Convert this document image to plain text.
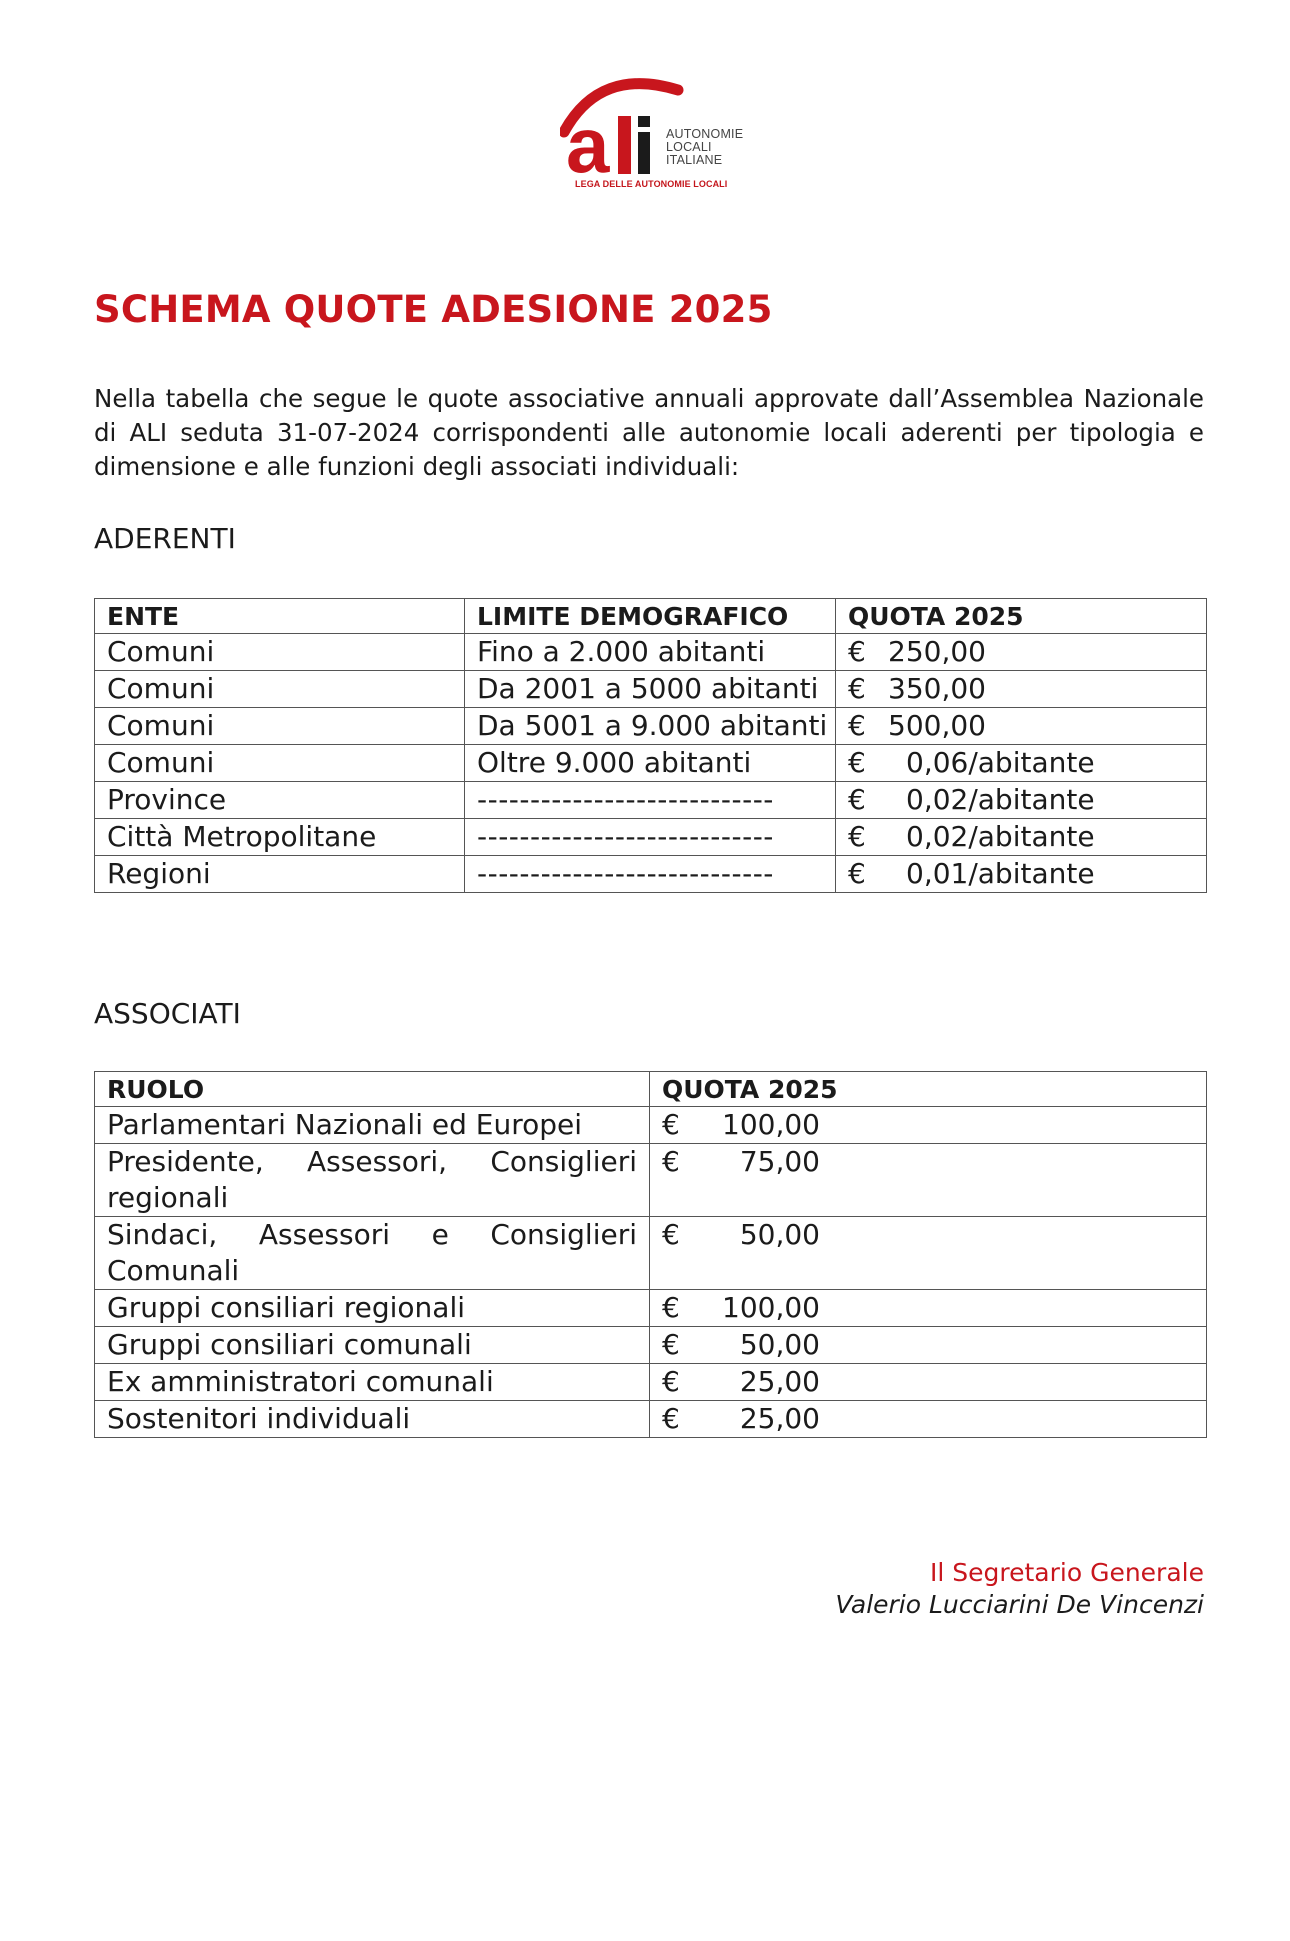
a	AUTONOMIE
LOCALI
ITALIANE
LEGA DELLE AUTONOMIE LOCALI
SCHEMA QUOTE ADESIONE 2025

Nella tabella che segue le quote associative annuali approvate dall’Assemblea Nazionale di ALI seduta 31-07-2024 corrispondenti alle autonomie locali aderenti per tipologia e dimensione e alle funzioni degli associati individuali:

ADERENTI
ENTE	LIMITE DEMOGRAFICO	QUOTA 2025
Comuni	Fino a 2.000 abitanti	€ 250,00
Comuni	Da 2001 a 5000 abitanti	€ 350,00
Comuni	Da 5001 a 9.000 abitanti	€ 500,00
Comuni	Oltre 9.000 abitanti	€ 0,06/abitante
Province	----------------------------	€ 0,02/abitante
Città Metropolitane	----------------------------	€ 0,02/abitante
Regioni	----------------------------	€ 0,01/abitante
ASSOCIATI
RUOLO	QUOTA 2025
Parlamentari Nazionali ed Europei	€ 100,00
Presidente, Assessori, Consiglieri regionali	€ 75,00
Sindaci, Assessori e Consiglieri Comunali	€ 50,00
Gruppi consiliari regionali	€ 100,00
Gruppi consiliari comunali	€ 50,00
Ex amministratori comunali	€ 25,00
Sostenitori individuali	€ 25,00

Il Segretario Generale

Valerio Lucciarini De Vincenzi
